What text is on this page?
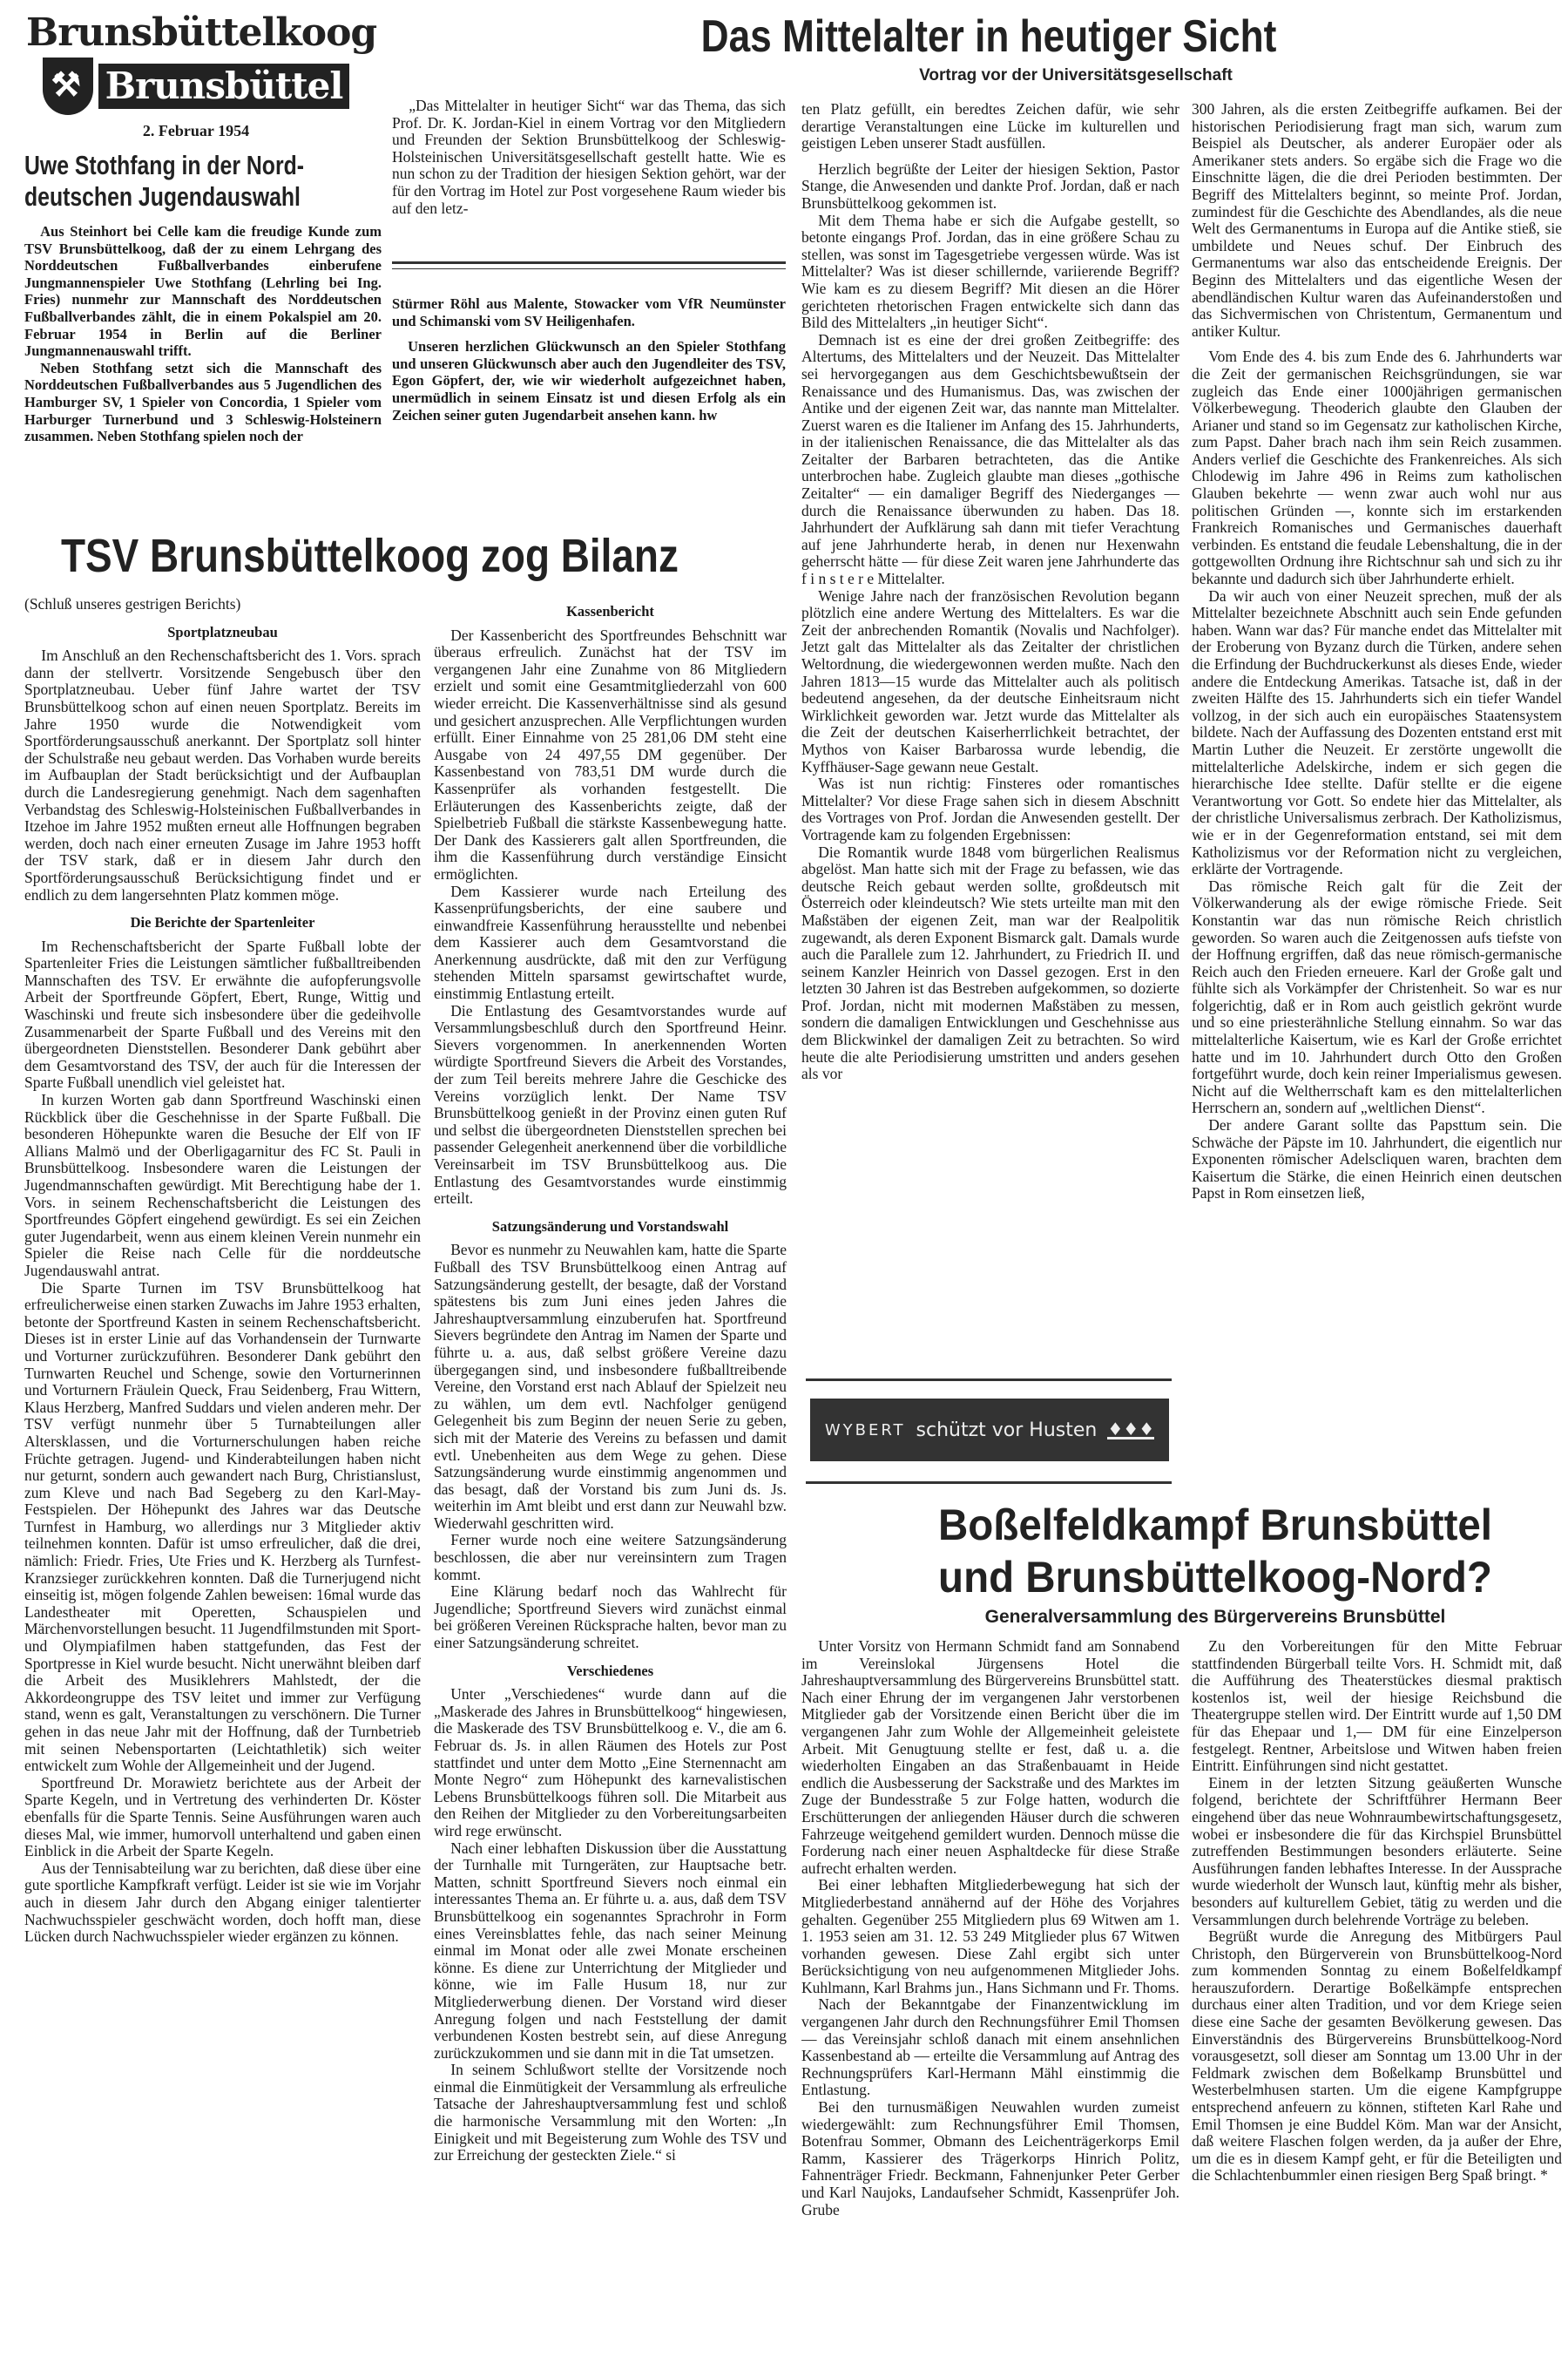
Brunsbüttelkoog
⚒
Brunsbüttel
2. Februar 1954
Uwe Stothfang in der Nord-
deutschen Jugendauswahl

Aus Steinhort bei Celle kam die freudige Kunde zum TSV Brunsbüttelkoog, daß der zu einem Lehrgang des Norddeutschen Fußballverbandes einberufene Jungmannenspieler Uwe Stothfang (Lehrling bei Ing. Fries) nunmehr zur Mannschaft des Norddeutschen Fußballverbandes zählt, die in einem Pokalspiel am 20. Februar 1954 in Berlin auf die Berliner Jungmannenauswahl trifft.

Neben Stothfang setzt sich die Mannschaft des Norddeutschen Fußballverbandes aus 5 Jugendlichen des Hamburger SV, 1 Spieler von Concordia, 1 Spieler vom Harburger Turnerbund und 3 Schleswig-Holsteinern zusammen. Neben Stothfang spielen noch der

Das Mittelalter in heutiger Sicht
Vortrag vor der Universitätsgesellschaft

„Das Mittelalter in heutiger Sicht“ war das Thema, das sich Prof. Dr. K. Jordan-Kiel in einem Vortrag vor den Mitgliedern und Freunden der Sektion Brunsbüttelkoog der Schleswig-Holsteinischen Universitätsgesellschaft gestellt hatte. Wie es nun schon zu der Tradition der hiesigen Sektion gehört, war der für den Vortrag im Hotel zur Post vorgesehene Raum wieder bis auf den letz-

Stürmer Röhl aus Malente, Stowacker vom VfR Neumünster und Schimanski vom SV Heiligenhafen.

Unseren herzlichen Glückwunsch an den Spieler Stothfang und unseren Glückwunsch aber auch den Jugendleiter des TSV, Egon Göpfert, der, wie wir wiederholt aufgezeichnet haben, unermüdlich in seinem Einsatz ist und diesen Erfolg als ein Zeichen seiner guten Jugendarbeit ansehen kann. hw

ten Platz gefüllt, ein beredtes Zeichen dafür, wie sehr derartige Veranstaltungen eine Lücke im kulturellen und geistigen Leben unserer Stadt ausfüllen.

Herzlich begrüßte der Leiter der hiesigen Sektion, Pastor Stange, die Anwesenden und dankte Prof. Jordan, daß er nach Brunsbüttelkoog gekommen ist.

Mit dem Thema habe er sich die Aufgabe gestellt, so betonte eingangs Prof. Jordan, das in eine größere Schau zu stellen, was sonst im Tagesgetriebe vergessen würde. Was ist Mittelalter? Was ist dieser schillernde, variierende Begriff? Wie kam es zu diesem Begriff? Mit diesen an die Hörer gerichteten rhetorischen Fragen entwickelte sich dann das Bild des Mittelalters „in heutiger Sicht“.

Demnach ist es eine der drei großen Zeitbegriffe: des Altertums, des Mittelalters und der Neuzeit. Das Mittelalter sei hervorgegangen aus dem Geschichtsbewußtsein der Renaissance und des Humanismus. Das, was zwischen der Antike und der eigenen Zeit war, das nannte man Mittelalter. Zuerst waren es die Italiener im Anfang des 15. Jahrhunderts, in der italienischen Renaissance, die das Mittelalter als das Zeitalter der Barbaren betrachteten, das die Antike unterbrochen habe. Zugleich glaubte man dieses „gothische Zeitalter“ — ein damaliger Begriff des Niederganges — durch die Renaissance überwunden zu haben. Das 18. Jahrhundert der Aufklärung sah dann mit tiefer Verachtung auf jene Jahrhunderte herab, in denen nur Hexenwahn geherrscht hätte — für diese Zeit waren jene Jahrhunderte das f i n s t e r e Mittelalter.

Wenige Jahre nach der französischen Revolution begann plötzlich eine andere Wertung des Mittelalters. Es war die Zeit der anbrechenden Romantik (Novalis und Nachfolger). Jetzt galt das Mittelalter als das Zeitalter der christlichen Weltordnung, die wiedergewonnen werden mußte. Nach den Jahren 1813—15 wurde das Mittelalter auch als politisch bedeutend angesehen, da der deutsche Einheitsraum nicht Wirklichkeit geworden war. Jetzt wurde das Mittelalter als die Zeit der deutschen Kaiserherrlichkeit betrachtet, der Mythos von Kaiser Barbarossa wurde lebendig, die Kyffhäuser-Sage gewann neue Gestalt.

Was ist nun richtig: Finsteres oder romantisches Mittelalter? Vor diese Frage sahen sich in diesem Abschnitt des Vortrages von Prof. Jordan die Anwesenden gestellt. Der Vortragende kam zu folgenden Ergebnissen:

Die Romantik wurde 1848 vom bürgerlichen Realismus abgelöst. Man hatte sich mit der Frage zu befassen, wie das deutsche Reich gebaut werden sollte, großdeutsch mit Österreich oder kleindeutsch? Wie stets urteilte man mit den Maßstäben der eigenen Zeit, man war der Realpolitik zugewandt, als deren Exponent Bismarck galt. Damals wurde auch die Parallele zum 12. Jahrhundert, zu Friedrich II. und seinem Kanzler Heinrich von Dassel gezogen. Erst in den letzten 30 Jahren ist das Bestreben aufgekommen, so dozierte Prof. Jordan, nicht mit modernen Maßstäben zu messen, sondern die damaligen Entwicklungen und Geschehnisse aus dem Blickwinkel der damaligen Zeit zu betrachten. So wird heute die alte Periodisierung umstritten und anders gesehen als vor

300 Jahren, als die ersten Zeitbegriffe aufkamen. Bei der historischen Periodisierung fragt man sich, warum zum Beispiel als Deutscher, als anderer Europäer oder als Amerikaner stets anders. So ergäbe sich die Frage wo die Einschnitte lägen, die die drei Perioden bestimmten. Der Begriff des Mittelalters beginnt, so meinte Prof. Jordan, zumindest für die Geschichte des Abendlandes, als die neue Welt des Germanentums in Europa auf die Antike stieß, sie umbildete und Neues schuf. Der Einbruch des Germanentums war also das entscheidende Ereignis. Der Beginn des Mittelalters und das eigentliche Wesen der abendländischen Kultur waren das Aufeinanderstoßen und das Sichvermischen von Christentum, Germanentum und antiker Kultur.

Vom Ende des 4. bis zum Ende des 6. Jahrhunderts war die Zeit der germanischen Reichsgründungen, sie war zugleich das Ende einer 1000jährigen germanischen Völkerbewegung. Theoderich glaubte den Glauben der Arianer und stand so im Gegensatz zur katholischen Kirche, zum Papst. Daher brach nach ihm sein Reich zusammen. Anders verlief die Geschichte des Frankenreiches. Als sich Chlodewig im Jahre 496 in Reims zum katholischen Glauben bekehrte — wenn zwar auch wohl nur aus politischen Gründen —, konnte sich im erstarkenden Frankreich Romanisches und Germanisches dauerhaft verbinden. Es entstand die feudale Lebenshaltung, die in der gottgewollten Ordnung ihre Richtschnur sah und sich zu ihr bekannte und dadurch sich über Jahrhunderte erhielt.

Da wir auch von einer Neuzeit sprechen, muß der als Mittelalter bezeichnete Abschnitt auch sein Ende gefunden haben. Wann war das? Für manche endet das Mittelalter mit der Eroberung von Byzanz durch die Türken, andere sehen die Erfindung der Buchdruckerkunst als dieses Ende, wieder andere die Entdeckung Amerikas. Tatsache ist, daß in der zweiten Hälfte des 15. Jahrhunderts sich ein tiefer Wandel vollzog, in der sich auch ein europäisches Staatensystem bildete. Nach der Auffassung des Dozenten entstand erst mit Martin Luther die Neuzeit. Er zerstörte ungewollt die mittelalterliche Adelskirche, indem er sich gegen die hierarchische Idee stellte. Dafür stellte er die eigene Verantwortung vor Gott. So endete hier das Mittelalter, als der christliche Universalismus zerbrach. Der Katholizismus, wie er in der Gegenreformation entstand, sei mit dem Katholizismus vor der Reformation nicht zu vergleichen, erklärte der Vortragende.

Das römische Reich galt für die Zeit der Völkerwanderung als der ewige römische Friede. Seit Konstantin war das nun römische Reich christlich geworden. So waren auch die Zeitgenossen aufs tiefste von der Hoffnung ergriffen, daß das neue römisch-germanische Reich auch den Frieden erneuere. Karl der Große galt und fühlte sich als Vorkämpfer der Christenheit. So war es nur folgerichtig, daß er in Rom auch geistlich gekrönt wurde und so eine priesterähnliche Stellung einnahm. So war das mittelalterliche Kaisertum, wie es Karl der Große errichtet hatte und im 10. Jahrhundert durch Otto den Großen fortgeführt wurde, doch kein reiner Imperialismus gewesen. Nicht auf die Weltherrschaft kam es den mittelalterlichen Herrschern an, sondern auf „weltlichen Dienst“.

Der andere Garant sollte das Papsttum sein. Die Schwäche der Päpste im 10. Jahrhundert, die eigentlich nur Exponenten römischer Adelscliquen waren, brachten dem Kaisertum die Stärke, die einen Heinrich einen deutschen Papst in Rom einsetzen ließ,

TSV Brunsbüttelkoog zog Bilanz

(Schluß unseres gestrigen Berichts)

Sportplatzneubau

Im Anschluß an den Rechenschaftsbericht des 1. Vors. sprach dann der stellvertr. Vorsitzende Sengebusch über den Sportplatzneubau. Ueber fünf Jahre wartet der TSV Brunsbüttelkoog schon auf einen neuen Sportplatz. Bereits im Jahre 1950 wurde die Notwendigkeit vom Sportförderungsausschuß anerkannt. Der Sportplatz soll hinter der Schulstraße neu gebaut werden. Das Vorhaben wurde bereits im Aufbauplan der Stadt berücksichtigt und der Aufbauplan durch die Landesregierung genehmigt. Nach dem sagenhaften Verbandstag des Schleswig-Holsteinischen Fußballverbandes in Itzehoe im Jahre 1952 mußten erneut alle Hoffnungen begraben werden, doch nach einer erneuten Zusage im Jahre 1953 hofft der TSV stark, daß er in diesem Jahr durch den Sportförderungsausschuß Berücksichtigung findet und er endlich zu dem langersehnten Platz kommen möge.

Die Berichte der Spartenleiter

Im Rechenschaftsbericht der Sparte Fußball lobte der Spartenleiter Fries die Leistungen sämtlicher fußballtreibenden Mannschaften des TSV. Er erwähnte die aufopferungsvolle Arbeit der Sportfreunde Göpfert, Ebert, Runge, Wittig und Waschinski und freute sich insbesondere über die gedeihvolle Zusammenarbeit der Sparte Fußball und des Vereins mit den übergeordneten Dienststellen. Besonderer Dank gebührt aber dem Gesamtvorstand des TSV, der auch für die Interessen der Sparte Fußball unendlich viel geleistet hat.

In kurzen Worten gab dann Sportfreund Waschinski einen Rückblick über die Geschehnisse in der Sparte Fußball. Die besonderen Höhepunkte waren die Besuche der Elf von IF Allians Malmö und der Oberligagarnitur des FC St. Pauli in Brunsbüttelkoog. Insbesondere waren die Leistungen der Jugendmannschaften gewürdigt. Mit Berechtigung habe der 1. Vors. in seinem Rechenschaftsbericht die Leistungen des Sportfreundes Göpfert eingehend gewürdigt. Es sei ein Zeichen guter Jugendarbeit, wenn aus einem kleinen Verein nunmehr ein Spieler die Reise nach Celle für die norddeutsche Jugendauswahl antrat.

Die Sparte Turnen im TSV Brunsbüttelkoog hat erfreulicherweise einen starken Zuwachs im Jahre 1953 erhalten, betonte der Sportfreund Kasten in seinem Rechenschaftsbericht. Dieses ist in erster Linie auf das Vorhandensein der Turnwarte und Vorturner zurückzuführen. Besonderer Dank gebührt den Turnwarten Reuchel und Schenge, sowie den Vorturnerinnen und Vorturnern Fräulein Queck, Frau Seidenberg, Frau Wittern, Klaus Herzberg, Manfred Suddars und vielen anderen mehr. Der TSV verfügt nunmehr über 5 Turnabteilungen aller Altersklassen, und die Vorturnerschulungen haben reiche Früchte getragen. Jugend- und Kinderabteilungen haben nicht nur geturnt, sondern auch gewandert nach Burg, Christianslust, zum Kleve und nach Bad Segeberg zu den Karl-May-Festspielen. Der Höhepunkt des Jahres war das Deutsche Turnfest in Hamburg, wo allerdings nur 3 Mitglieder aktiv teilnehmen konnten. Dafür ist umso erfreulicher, daß die drei, nämlich: Friedr. Fries, Ute Fries und K. Herzberg als Turnfest-Kranzsieger zurückkehren konnten. Daß die Turnerjugend nicht einseitig ist, mögen folgende Zahlen beweisen: 16mal wurde das Landestheater mit Operetten, Schauspielen und Märchenvorstellungen besucht. 11 Jugendfilmstunden mit Sport- und Olympiafilmen haben stattgefunden, das Fest der Sportpresse in Kiel wurde besucht. Nicht unerwähnt bleiben darf die Arbeit des Musiklehrers Mahlstedt, der die Akkordeongruppe des TSV leitet und immer zur Verfügung stand, wenn es galt, Veranstaltungen zu verschönern. Die Turner gehen in das neue Jahr mit der Hoffnung, daß der Turnbetrieb mit seinen Nebensportarten (Leichtathletik) sich weiter entwickelt zum Wohle der Allgemeinheit und der Jugend.

Sportfreund Dr. Morawietz berichtete aus der Arbeit der Sparte Kegeln, und in Vertretung des verhinderten Dr. Köster ebenfalls für die Sparte Tennis. Seine Ausführungen waren auch dieses Mal, wie immer, humorvoll unterhaltend und gaben einen Einblick in die Arbeit der Sparte Kegeln.

Aus der Tennisabteilung war zu berichten, daß diese über eine gute sportliche Kampfkraft verfügt. Leider ist sie wie im Vorjahr auch in diesem Jahr durch den Abgang einiger talentierter Nachwuchsspieler geschwächt worden, doch hofft man, diese Lücken durch Nachwuchsspieler wieder ergänzen zu können.

Kassenbericht

Der Kassenbericht des Sportfreundes Behschnitt war überaus erfreulich. Zunächst hat der TSV im vergangenen Jahr eine Zunahme von 86 Mitgliedern erzielt und somit eine Gesamtmitgliederzahl von 600 wieder erreicht. Die Kassenverhältnisse sind als gesund und gesichert anzusprechen. Alle Verpflichtungen wurden erfüllt. Einer Einnahme von 25 281,06 DM steht eine Ausgabe von 24 497,55 DM gegenüber. Der Kassenbestand von 783,51 DM wurde durch die Kassenprüfer als vorhanden festgestellt. Die Erläuterungen des Kassenberichts zeigte, daß der Spielbetrieb Fußball die stärkste Kassenbewegung hatte. Der Dank des Kassierers galt allen Sportfreunden, die ihm die Kassenführung durch verständige Einsicht ermöglichten.

Dem Kassierer wurde nach Erteilung des Kassenprüfungsberichts, der eine saubere und einwandfreie Kassenführung herausstellte und nebenbei dem Kassierer auch dem Gesamtvorstand die Anerkennung ausdrückte, daß mit den zur Verfügung stehenden Mitteln sparsamst gewirtschaftet wurde, einstimmig Entlastung erteilt.

Die Entlastung des Gesamtvorstandes wurde auf Versammlungsbeschluß durch den Sportfreund Heinr. Sievers vorgenommen. In anerkennenden Worten würdigte Sportfreund Sievers die Arbeit des Vorstandes, der zum Teil bereits mehrere Jahre die Geschicke des Vereins vorzüglich lenkt. Der Name TSV Brunsbüttelkoog genießt in der Provinz einen guten Ruf und selbst die übergeordneten Dienststellen sprechen bei passender Gelegenheit anerkennend über die vorbildliche Vereinsarbeit im TSV Brunsbüttelkoog aus. Die Entlastung des Gesamtvorstandes wurde einstimmig erteilt.

Satzungsänderung und Vorstandswahl

Bevor es nunmehr zu Neuwahlen kam, hatte die Sparte Fußball des TSV Brunsbüttelkoog einen Antrag auf Satzungsänderung gestellt, der besagte, daß der Vorstand spätestens bis zum Juni eines jeden Jahres die Jahreshauptversammlung einzuberufen hat. Sportfreund Sievers begründete den Antrag im Namen der Sparte und führte u. a. aus, daß selbst größere Vereine dazu übergegangen sind, und insbesondere fußballtreibende Vereine, den Vorstand erst nach Ablauf der Spielzeit neu zu wählen, um dem evtl. Nachfolger genügend Gelegenheit bis zum Beginn der neuen Serie zu geben, sich mit der Materie des Vereins zu befassen und damit evtl. Unebenheiten aus dem Wege zu gehen. Diese Satzungsänderung wurde einstimmig angenommen und das besagt, daß der Vorstand bis zum Juni ds. Js. weiterhin im Amt bleibt und erst dann zur Neuwahl bzw. Wiederwahl geschritten wird.

Ferner wurde noch eine weitere Satzungsänderung beschlossen, die aber nur vereinsintern zum Tragen kommt.

Eine Klärung bedarf noch das Wahlrecht für Jugendliche; Sportfreund Sievers wird zunächst einmal bei größeren Vereinen Rücksprache halten, bevor man zu einer Satzungsänderung schreitet.

Verschiedenes

Unter „Verschiedenes“ wurde dann auf die „Maskerade des Jahres in Brunsbüttelkoog“ hingewiesen, die Maskerade des TSV Brunsbüttelkoog e. V., die am 6. Februar ds. Js. in allen Räumen des Hotels zur Post stattfindet und unter dem Motto „Eine Sternennacht am Monte Negro“ zum Höhepunkt des karnevalistischen Lebens Brunsbüttelkoogs führen soll. Die Mitarbeit aus den Reihen der Mitglieder zu den Vorbereitungsarbeiten wird rege erwünscht.

Nach einer lebhaften Diskussion über die Ausstattung der Turnhalle mit Turngeräten, zur Hauptsache betr. Matten, schnitt Sportfreund Sievers noch einmal ein interessantes Thema an. Er führte u. a. aus, daß dem TSV Brunsbüttelkoog ein sogenanntes Sprachrohr in Form eines Vereinsblattes fehle, das nach seiner Meinung einmal im Monat oder alle zwei Monate erscheinen könne. Es diene zur Unterrichtung der Mitglieder und könne, wie im Falle Husum 18, nur zur Mitgliederwerbung dienen. Der Vorstand wird dieser Anregung folgen und nach Feststellung der damit verbundenen Kosten bestrebt sein, auf diese Anregung zurückzukommen und sie dann mit in die Tat umsetzen.

In seinem Schlußwort stellte der Vorsitzende noch einmal die Einmütigkeit der Versammlung als erfreuliche Tatsache der Jahreshauptversammlung fest und schloß die harmonische Versammlung mit den Worten: „In Einigkeit und mit Begeisterung zum Wohle des TSV und zur Erreichung der gesteckten Ziele.“ si

WYBERT schützt vor Husten ♦♦♦
Boßelfeldkampf Brunsbüttel
und Brunsbüttelkoog-Nord?
Generalversammlung des Bürgervereins Brunsbüttel

Unter Vorsitz von Hermann Schmidt fand am Sonnabend im Vereinslokal Jürgensens Hotel die Jahreshauptversammlung des Bürgervereins Brunsbüttel statt. Nach einer Ehrung der im vergangenen Jahr verstorbenen Mitglieder gab der Vorsitzende einen Bericht über die im vergangenen Jahr zum Wohle der Allgemeinheit geleistete Arbeit. Mit Genugtuung stellte er fest, daß u. a. die wiederholten Eingaben an das Straßenbauamt in Heide endlich die Ausbesserung der Sackstraße und des Marktes im Zuge der Bundesstraße 5 zur Folge hatten, wodurch die Erschütterungen der anliegenden Häuser durch die schweren Fahrzeuge weitgehend gemildert wurden. Dennoch müsse die Forderung nach einer neuen Asphaltdecke für diese Straße aufrecht erhalten werden.

Bei einer lebhaften Mitgliederbewegung hat sich der Mitgliederbestand annähernd auf der Höhe des Vorjahres gehalten. Gegenüber 255 Mitgliedern plus 69 Witwen am 1. 1. 1953 seien am 31. 12. 53 249 Mitglieder plus 67 Witwen vorhanden gewesen. Diese Zahl ergibt sich unter Berücksichtigung von neu aufgenommenen Mitglieder Johs. Kuhlmann, Karl Brahms jun., Hans Sichmann und Fr. Thoms.

Nach der Bekanntgabe der Finanzentwicklung im vergangenen Jahr durch den Rechnungsführer Emil Thomsen — das Vereinsjahr schloß danach mit einem ansehnlichen Kassenbestand ab — erteilte die Versammlung auf Antrag des Rechnungsprüfers Karl-Hermann Mähl einstimmig die Entlastung.

Bei den turnusmäßigen Neuwahlen wurden zumeist wiedergewählt: zum Rechnungsführer Emil Thomsen, Botenfrau Sommer, Obmann des Leichenträgerkorps Emil Ramm, Kassierer des Trägerkorps Hinrich Politz, Fahnenträger Friedr. Beckmann, Fahnenjunker Peter Gerber und Karl Naujoks, Landaufseher Schmidt, Kassenprüfer Joh. Grube

Zu den Vorbereitungen für den Mitte Februar stattfindenden Bürgerball teilte Vors. H. Schmidt mit, daß die Aufführung des Theaterstückes diesmal praktisch kostenlos ist, weil der hiesige Reichsbund die Theatergruppe stellen wird. Der Eintritt wurde auf 1,50 DM für das Ehepaar und 1,— DM für eine Einzelperson festgelegt. Rentner, Arbeitslose und Witwen haben freien Eintritt. Einführungen sind nicht gestattet.

Einem in der letzten Sitzung geäußerten Wunsche folgend, berichtete der Schriftführer Hermann Beer eingehend über das neue Wohnraumbewirtschaftungsgesetz, wobei er insbesondere die für das Kirchspiel Brunsbüttel zutreffenden Bestimmungen besonders erläuterte. Seine Ausführungen fanden lebhaftes Interesse. In der Aussprache wurde wiederholt der Wunsch laut, künftig mehr als bisher, besonders auf kulturellem Gebiet, tätig zu werden und die Versammlungen durch belehrende Vorträge zu beleben.

Begrüßt wurde die Anregung des Mitbürgers Paul Christoph, den Bürgerverein von Brunsbüttelkoog-Nord zum kommenden Sonntag zu einem Boßelfeldkampf herauszufordern. Derartige Boßelkämpfe entsprechen durchaus einer alten Tradition, und vor dem Kriege seien diese eine Sache der gesamten Bevölkerung gewesen. Das Einverständnis des Bürgervereins Brunsbüttelkoog-Nord vorausgesetzt, soll dieser am Sonntag um 13.00 Uhr in der Feldmark zwischen dem Boßelkamp Brunsbüttel und Westerbelmhusen starten. Um die eigene Kampfgruppe entsprechend anfeuern zu können, stifteten Karl Rahe und Emil Thomsen je eine Buddel Köm. Man war der Ansicht, daß weitere Flaschen folgen werden, da ja außer der Ehre, um die es in diesem Kampf geht, er für die Beteiligten und die Schlachtenbummler einen riesigen Berg Spaß bringt. *
